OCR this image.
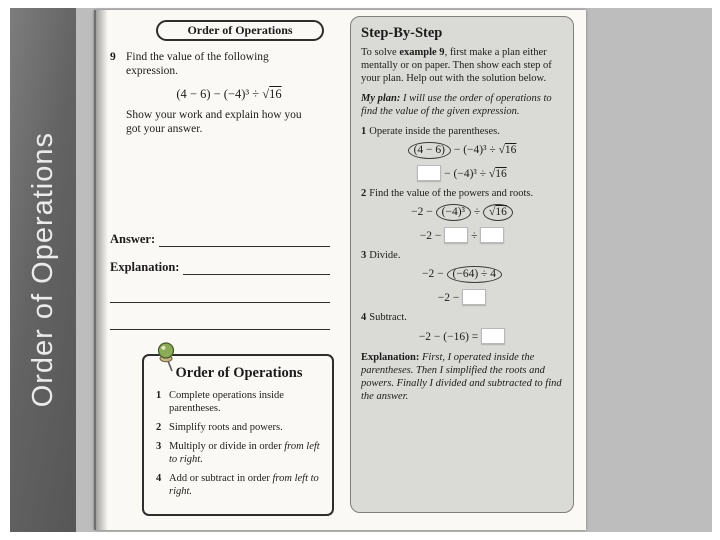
Order of Operations
Order of Operations
9 Find the value of the following expression.
(4 − 6) − (−4)³ ÷ √16
Show your work and explain how you got your answer.
Answer:
Explanation:
Order of Operations
1 Complete operations inside parentheses.
2 Simplify roots and powers.
3 Multiply or divide in order from left to right.
4 Add or subtract in order from left to right.
Step-By-Step

To solve example 9, first make a plan either mentally or on paper. Then show each step of your plan. Help out with the solution below.

My plan: I will use the order of operations to find the value of the given expression.

1 Operate inside the parentheses.
(4 − 6) − (−4)³ ÷ √16
− (−4)³ ÷ √16
2 Find the value of the powers and roots.
−2 − (−4)³ ÷ √16
−2 −  ÷
3 Divide.
−2 − (−64) ÷ 4
−2 −
4 Subtract.
−2 − (−16) =

Explanation: First, I operated inside the parentheses. Then I simplified the roots and powers. Finally I divided and subtracted to find the answer.
